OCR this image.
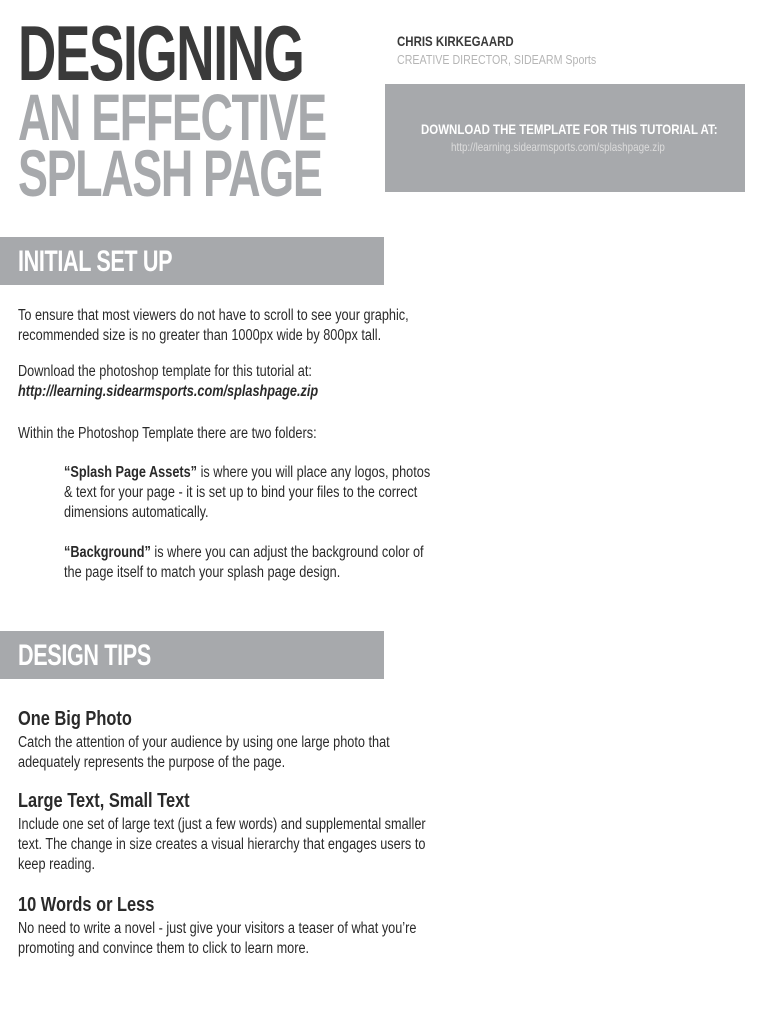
DESIGNING
AN EFFECTIVE
SPLASH PAGE
CHRIS KIRKEGAARD
CREATIVE DIRECTOR, SIDEARM Sports
DOWNLOAD THE TEMPLATE FOR THIS TUTORIAL AT:
http://learning.sidearmsports.com/splashpage.zip
INITIAL SET UP
To ensure that most viewers do not have to scroll to see your graphic,
recommended size is no greater than 1000px wide by 800px tall.
Download the photoshop template for this tutorial at:
http://learning.sidearmsports.com/splashpage.zip
Within the Photoshop Template there are two folders:
“Splash Page Assets” is where you will place any logos, photos
& text for your page - it is set up to bind your files to the correct
dimensions automatically.
“Background” is where you can adjust the background color of
the page itself to match your splash page design.
DESIGN TIPS
One Big Photo
Catch the attention of your audience by using one large photo that
adequately represents the purpose of the page.
Large Text, Small Text
Include one set of large text (just a few words) and supplemental smaller
text. The change in size creates a visual hierarchy that engages users to
keep reading.
10 Words or Less
No need to write a novel - just give your visitors a teaser of what you’re
promoting and convince them to click to learn more.
